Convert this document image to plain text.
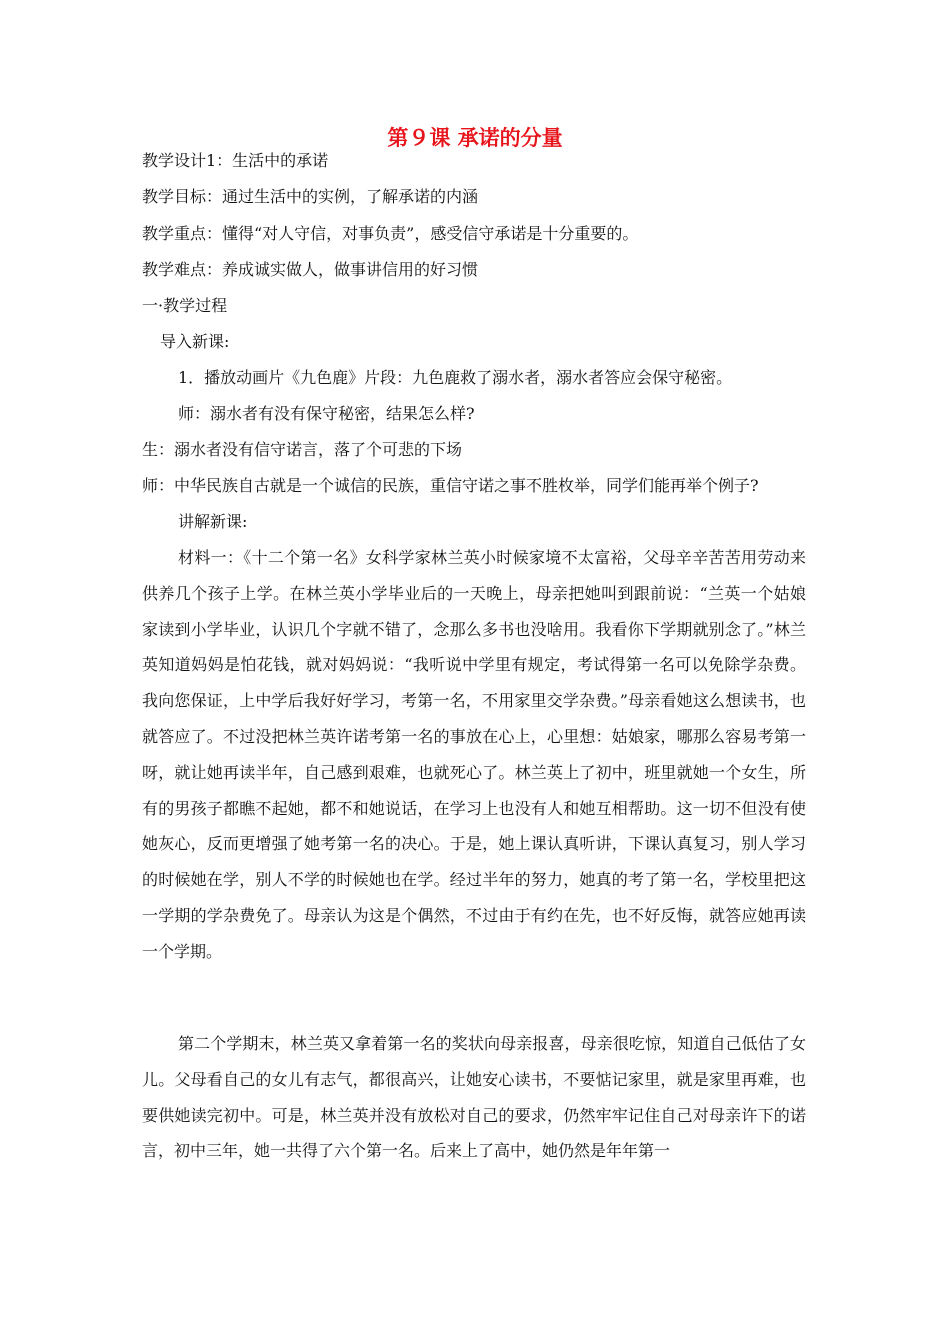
第９课 承诺的分量
教学设计1：生活中的承诺
教学目标：通过生活中的实例，了解承诺的内涵
教学重点：懂得“对人守信，对事负责”，感受信守承诺是十分重要的。
教学难点：养成诚实做人，做事讲信用的好习惯
一·教学过程
导入新课:
1．播放动画片《九色鹿》片段：九色鹿救了溺水者，溺水者答应会保守秘密。
师：溺水者有没有保守秘密，结果怎么样?
生：溺水者没有信守诺言，落了个可悲的下场
师：中华民族自古就是一个诚信的民族，重信守诺之事不胜枚举，同学们能再举个例子?
讲解新课:
材料一：《十二个第一名》女科学家林兰英小时候家境不太富裕，父母辛辛苦苦用劳动来供养几个孩子上学。在林兰英小学毕业后的一天晚上，母亲把她叫到跟前说：“兰英一个姑娘家读到小学毕业，认识几个字就不错了，念那么多书也没啥用。我看你下学期就别念了。”林兰英知道妈妈是怕花钱，就对妈妈说：“我听说中学里有规定，考试得第一名可以免除学杂费。我向您保证，上中学后我好好学习，考第一名，不用家里交学杂费。”母亲看她这么想读书，也就答应了。不过没把林兰英许诺考第一名的事放在心上，心里想：姑娘家，哪那么容易考第一呀，就让她再读半年，自己感到艰难，也就死心了。林兰英上了初中，班里就她一个女生，所有的男孩子都瞧不起她，都不和她说话，在学习上也没有人和她互相帮助。这一切不但没有使她灰心，反而更增强了她考第一名的决心。于是，她上课认真听讲，下课认真复习，别人学习的时候她在学，别人不学的时候她也在学。经过半年的努力，她真的考了第一名，学校里把这一学期的学杂费免了。母亲认为这是个偶然，不过由于有约在先，也不好反悔，就答应她再读一个学期。
第二个学期末，林兰英又拿着第一名的奖状向母亲报喜，母亲很吃惊，知道自己低估了女儿。父母看自己的女儿有志气，都很高兴，让她安心读书，不要惦记家里，就是家里再难，也要供她读完初中。可是，林兰英并没有放松对自己的要求，仍然牢牢记住自己对母亲许下的诺言，初中三年，她一共得了六个第一名。后来上了高中，她仍然是年年第一
